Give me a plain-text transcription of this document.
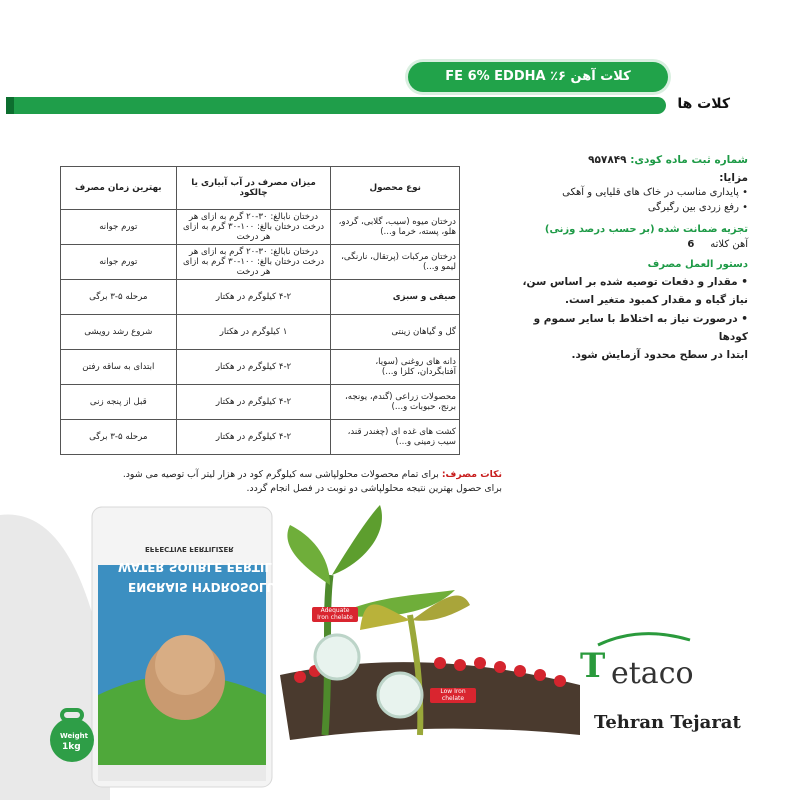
کلات آهن ۶٪ FE 6% EDDHA
کلات ها
نوع محصول	میزان مصرف در آب آبیاری یا چالکود	بهترین زمان مصرف
درختان میوه (سیب، گلابی، گردو، هلو، پسته، خرما و...)	درختان نابالغ: ۳۰-۲۰ گرم به ازای هر درخت درختان بالغ: ۱۰۰-۳۰ گرم به ازای هر درخت	تورم جوانه
درختان مرکبات (پرتقال، نارنگی، لیمو و...)	درختان نابالغ: ۳۰-۲۰ گرم به ازای هر درخت درختان بالغ: ۱۰۰-۳۰ گرم به ازای هر درخت	تورم جوانه
صیفی و سبزی	۴-۲ کیلوگرم در هکتار	مرحله ۵-۳ برگی
گل و گیاهان زینتی	۱ کیلوگرم در هکتار	شروع رشد رویشی
دانه های روغنی (سویا، آفتابگردان، کلزا و...)	۴-۲ کیلوگرم در هکتار	ابتدای به ساقه رفتن
محصولات زراعی (گندم، یونجه، برنج، حبوبات و...)	۴-۲ کیلوگرم در هکتار	قبل از پنجه زنی
کشت های غده ای (چغندر قند، سیب زمینی و...)	۴-۲ کیلوگرم در هکتار	مرحله ۵-۳ برگی

شماره ثبت ماده کودی: ۹۵۷۸۴۹

مزایا:

• پایداری مناسب در خاک های قلیایی و آهکی

• رفع زردی بین رگبرگی

تجزیه ضمانت شده (بر حسب درصد وزنی)

آهن کلاته     6

دستور العمل مصرف

• مقدار و دفعات توصیه شده بر اساس سن،

نیاز گیاه و مقدار کمبود متغیر است.

• درصورت نیاز به اختلاط با سایر سموم و کودها

ابتدا در سطح محدود آزمایش شود.

نکات مصرف: برای تمام محصولات محلولپاشی سه کیلوگرم کود در هزار لیتر آب توصیه می شود.

برای حصول بهترین نتیجه محلولپاشی دو نوبت در فصل انجام گردد.

WATER SOUBLE FERTILIZER
ENGRAIS HYDROSOLUBLE
EFFECTIVE FERTILIZER
Weight
1kg
Adequate Iron chelate
Low Iron chelate
T etaco
Tehran Tejarat
